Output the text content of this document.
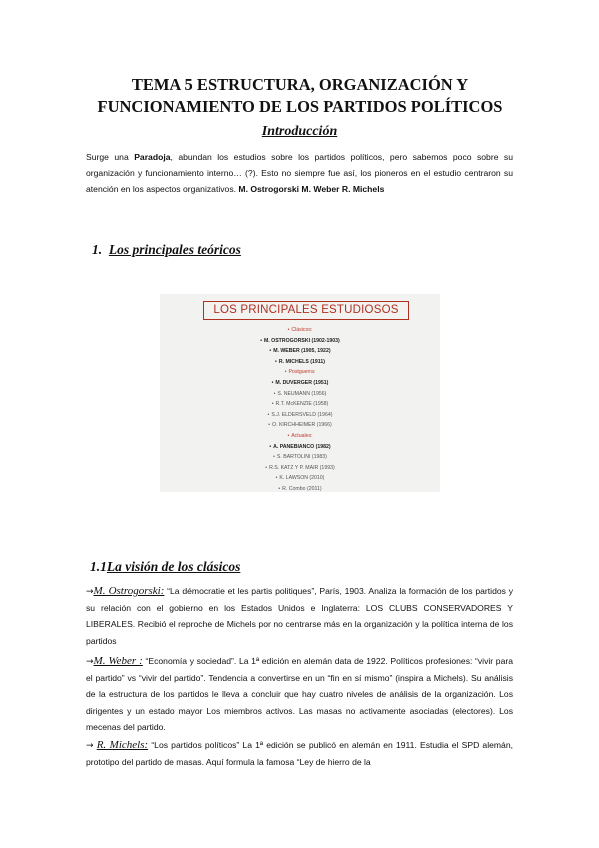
TEMA 5 ESTRUCTURA, ORGANIZACIÓN Y
FUNCIONAMIENTO DE LOS PARTIDOS POLÍTICOS
Introducción

Surge una Paradoja, abundan los estudios sobre los partidos políticos, pero sabemos poco sobre su organización y funcionamiento interno… (?). Esto no siempre fue así, los pioneros en el estudio centraron su atención en los aspectos organizativos. M. Ostrogorski M. Weber R. Michels

1. Los principales teóricos
LOS PRINCIPALES ESTUDIOSOS
• Clásicos:
• M. OSTROGORSKI (1902-1903)
• M. WEBER (1905, 1922)
• R. MICHELS (1911)
• Postguerra:
• M. DUVERGER (1951)
• S. NEUMANN (1956)
• R.T. McKENZIE (1958)
• S.J. ELDERSVELD (1964)
• O. KIRCHHEIMER (1966)
• Actuales:
• A. PANEBIANCO (1982)
• S. BARTOLINI (1983)
• R.S. KATZ Y P. MAIR (1993)
• K. LAWSON (2010)
• R. Combo (2011)
1.1La visión de los clásicos

→M. Ostrogorski: “La démocratie et les partis politiques”, París, 1903. Analiza la formación de los partidos y su relación con el gobierno en los Estados Unidos e Inglaterra: LOS CLUBS CONSERVADORES Y LIBERALES. Recibió el reproche de Michels por no centrarse más en la organización y la política interna de los partidos

→M. Weber : “Economía y sociedad”. La 1ª edición en alemán data de 1922. Políticos profesiones: “vivir para el partido” vs “vivir del partido”. Tendencia a convertirse en un “fin en sí mismo” (inspira a Michels). Su análisis de la estructura de los partidos le lleva a concluir que hay cuatro niveles de análisis de la organización. Los dirigentes y un estado mayor Los miembros activos. Las masas no activamente asociadas (electores). Los mecenas del partido.

→ R. Michels: “Los partidos políticos” La 1ª edición se publicó en alemán en 1911. Estudia el SPD alemán, prototipo del partido de masas. Aquí formula la famosa “Ley de hierro de la
